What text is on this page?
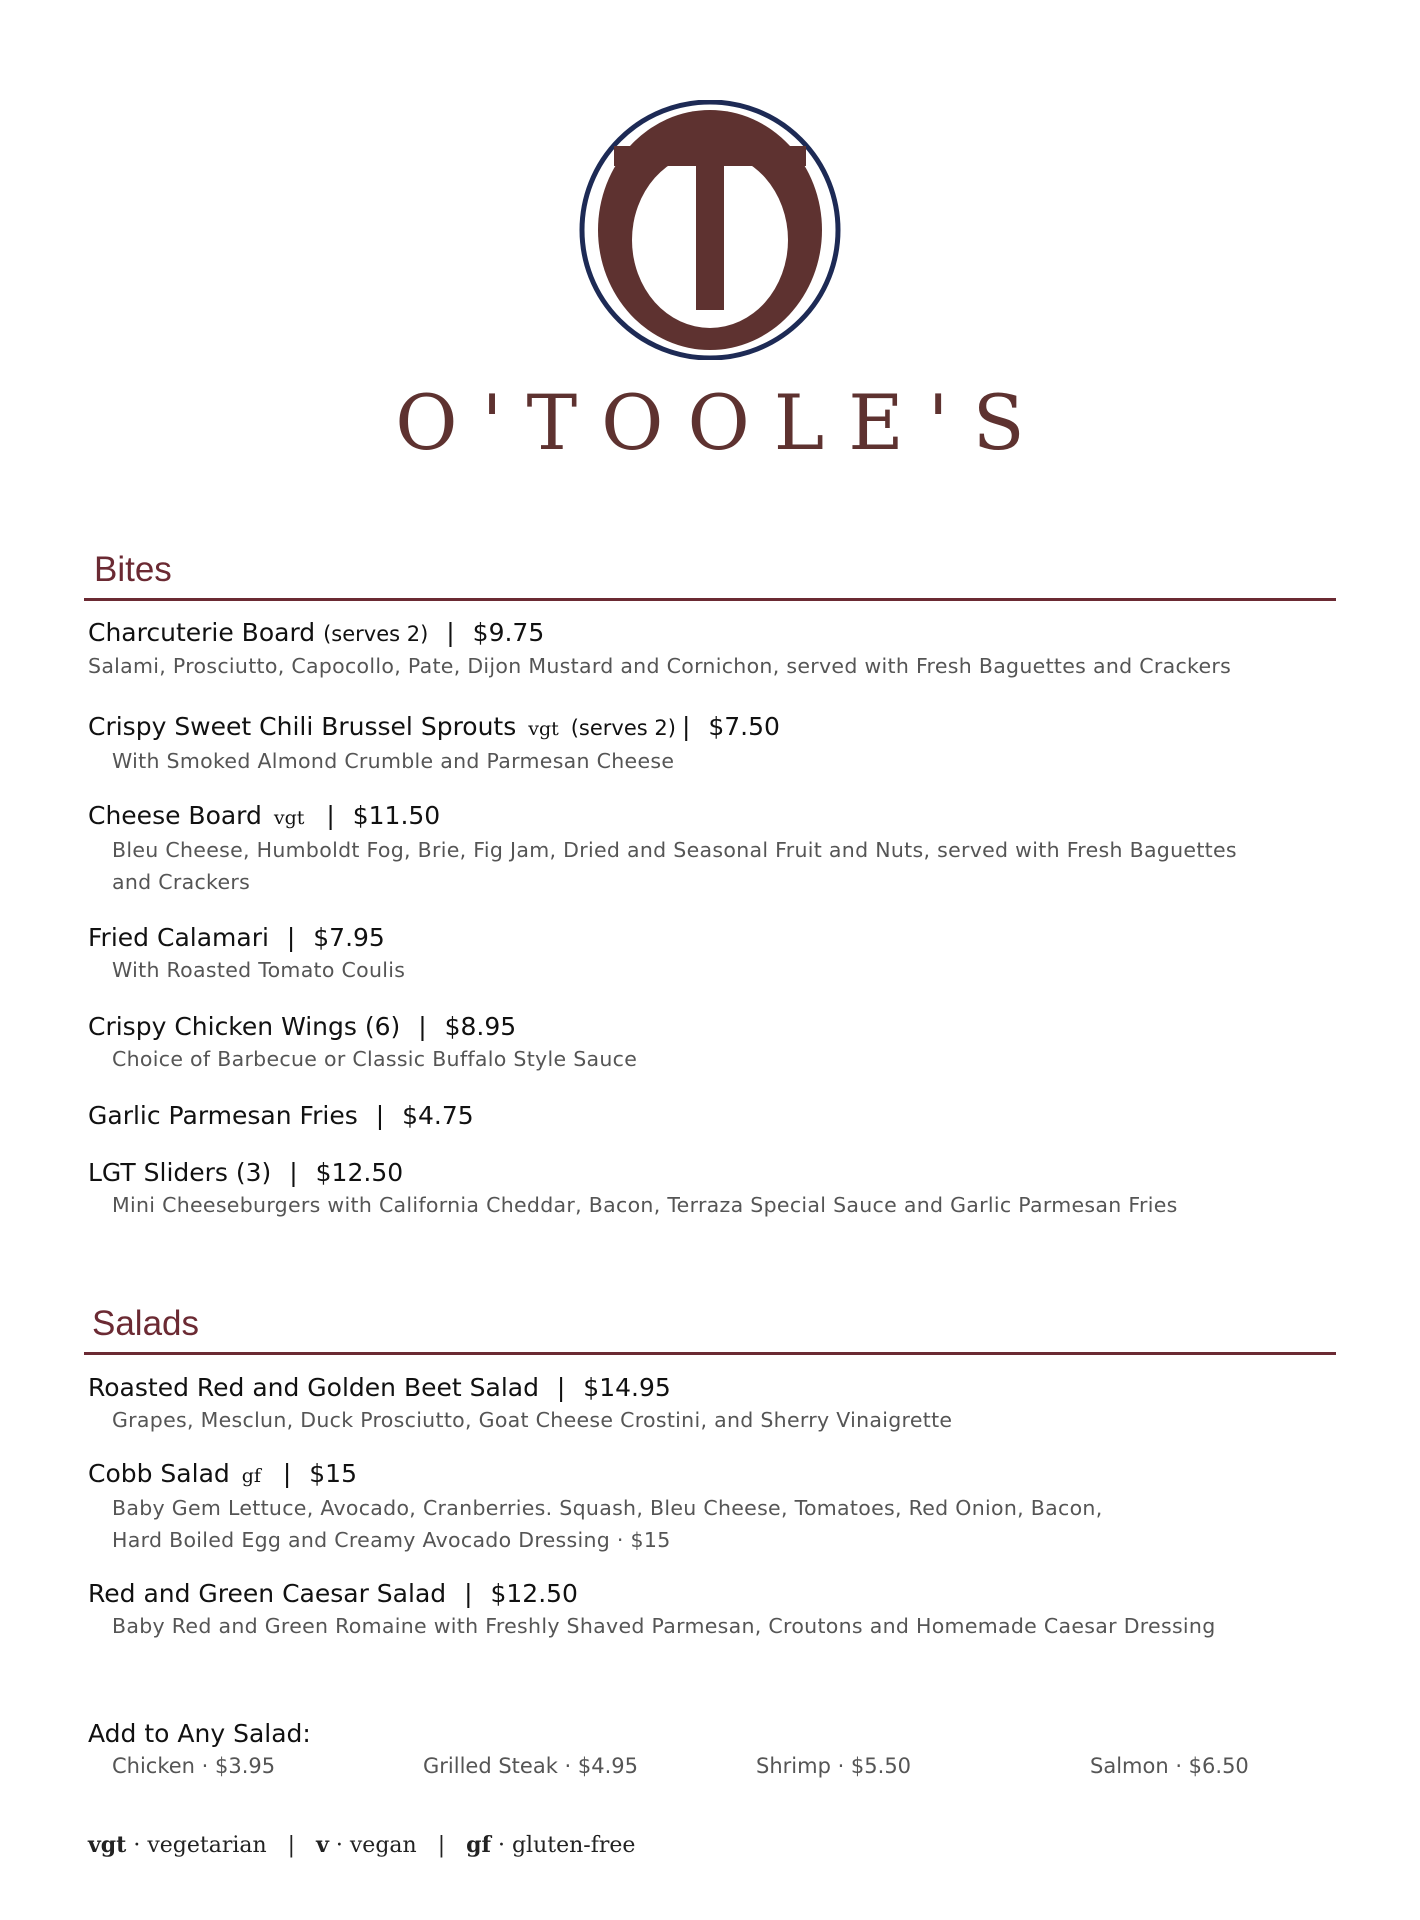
O'TOOLE'S
Bites
Charcuterie Board (serves 2) | $9.75
Salami, Prosciutto, Capocollo, Pate, Dijon Mustard and Cornichon, served with Fresh Baguettes and Crackers
Crispy Sweet Chili Brussel Sprouts vgt (serves 2) | $7.50
With Smoked Almond Crumble and Parmesan Cheese
Cheese Board vgt | $11.50
Bleu Cheese, Humboldt Fog, Brie, Fig Jam, Dried and Seasonal Fruit and Nuts, served with Fresh Baguettes
and Crackers
Fried Calamari | $7.95
With Roasted Tomato Coulis
Crispy Chicken Wings (6) | $8.95
Choice of Barbecue or Classic Buffalo Style Sauce
Garlic Parmesan Fries | $4.75
LGT Sliders (3) | $12.50
Mini Cheeseburgers with California Cheddar, Bacon, Terraza Special Sauce and Garlic Parmesan Fries
Salads
Roasted Red and Golden Beet Salad | $14.95
Grapes, Mesclun, Duck Prosciutto, Goat Cheese Crostini, and Sherry Vinaigrette
Cobb Salad gf | $15
Baby Gem Lettuce, Avocado, Cranberries. Squash, Bleu Cheese, Tomatoes, Red Onion, Bacon,
Hard Boiled Egg and Creamy Avocado Dressing · $15
Red and Green Caesar Salad | $12.50
Baby Red and Green Romaine with Freshly Shaved Parmesan, Croutons and Homemade Caesar Dressing
Add to Any Salad:
Chicken · $3.95	Grilled Steak · $4.95	Shrimp · $5.50	Salmon · $6.50
vgt · vegetarian | v · vegan | gf · gluten-free
